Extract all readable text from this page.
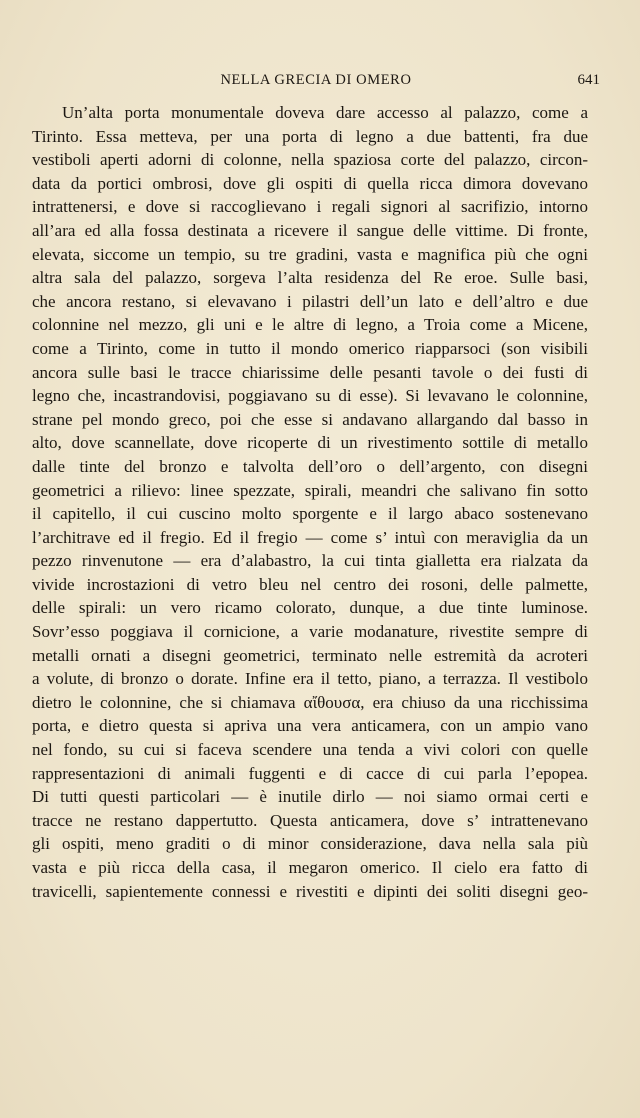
NELLA GRECIA DI OMERO	641
Un’alta porta monumentale doveva dare accesso al palazzo, come a
Tirinto. Essa metteva, per una porta di legno a due battenti, fra due
vestiboli aperti adorni di colonne, nella spaziosa corte del palazzo, circon-
data da portici ombrosi, dove gli ospiti di quella ricca dimora dovevano
intrattenersi, e dove si raccoglievano i regali signori al sacrifizio, intorno
all’ara ed alla fossa destinata a ricevere il sangue delle vittime. Di fronte,
elevata, siccome un tempio, su tre gradini, vasta e magnifica più che ogni
altra sala del palazzo, sorgeva l’alta residenza del Re eroe. Sulle basi,
che ancora restano, si elevavano i pilastri dell’un lato e dell’altro e due
colonnine nel mezzo, gli uni e le altre di legno, a Troia come a Micene,
come a Tirinto, come in tutto il mondo omerico riapparsoci (son visibili
ancora sulle basi le tracce chiarissime delle pesanti tavole o dei fusti di
legno che, incastrandovisi, poggiavano su di esse). Si levavano le colonnine,
strane pel mondo greco, poi che esse si andavano allargando dal basso in
alto, dove scannellate, dove ricoperte di un rivestimento sottile di metallo
dalle tinte del bronzo e talvolta dell’oro o dell’argento, con disegni
geometrici a rilievo: linee spezzate, spirali, meandri che salivano fin sotto
il capitello, il cui cuscino molto sporgente e il largo abaco sostenevano
l’architrave ed il fregio. Ed il fregio — come s’ intuì con meraviglia da un
pezzo rinvenutone — era d’alabastro, la cui tinta gialletta era rialzata da
vivide incrostazioni di vetro bleu nel centro dei rosoni, delle palmette,
delle spirali: un vero ricamo colorato, dunque, a due tinte luminose.
Sovr’esso poggiava il cornicione, a varie modanature, rivestite sempre di
metalli ornati a disegni geometrici, terminato nelle estremità da acroteri
a volute, di bronzo o dorate. Infine era il tetto, piano, a terrazza. Il vestibolo
dietro le colonnine, che si chiamava αἴθουσα, era chiuso da una ricchissima
porta, e dietro questa si apriva una vera anticamera, con un ampio vano
nel fondo, su cui si faceva scendere una tenda a vivi colori con quelle
rappresentazioni di animali fuggenti e di cacce di cui parla l’epopea.
Di tutti questi particolari — è inutile dirlo — noi siamo ormai certi e
tracce ne restano dappertutto. Questa anticamera, dove s’ intrattenevano
gli ospiti, meno graditi o di minor considerazione, dava nella sala più
vasta e più ricca della casa, il megaron omerico. Il cielo era fatto di
travicelli, sapientemente connessi e rivestiti e dipinti dei soliti disegni geo-
